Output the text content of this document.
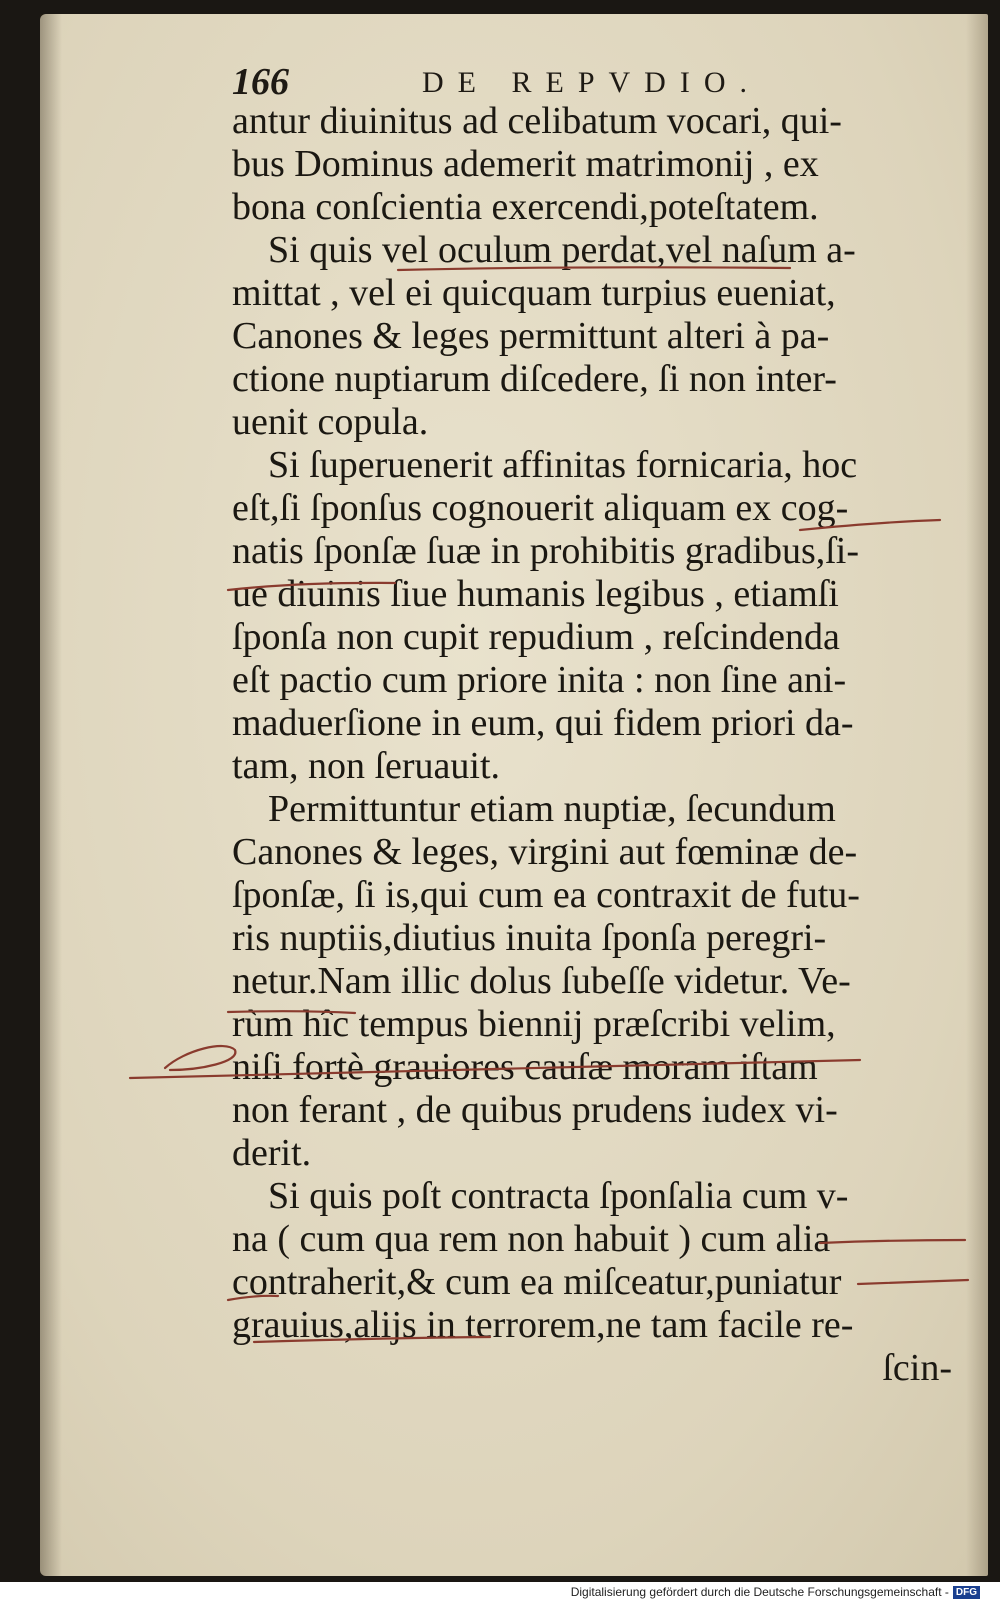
166	DE REPVDIO.
antur diuinitus ad celibatum vocari, qui-
bus Dominus ademerit matrimonij , ex
bona conſcientia exercendi,poteſtatem.
Si quis vel oculum perdat,vel naſum a-
mittat , vel ei quicquam turpius eueniat,
Canones & leges permittunt alteri à pa-
ctione nuptiarum diſcedere, ſi non inter-
uenit copula.
Si ſuperuenerit affinitas fornicaria, hoc
eſt,ſi ſponſus cognouerit aliquam ex cog-
natis ſponſæ ſuæ in prohibitis gradibus,ſi-
ue diuinis ſiue humanis legibus , etiamſi
ſponſa non cupit repudium , reſcindenda
eſt pactio cum priore inita : non ſine ani-
maduerſione in eum, qui fidem priori da-
tam, non ſeruauit.
Permittuntur etiam nuptiæ, ſecundum
Canones & leges, virgini aut fœminæ de-
ſponſæ, ſi is,qui cum ea contraxit de futu-
ris nuptiis,diutius inuita ſponſa peregri-
netur.Nam illic dolus ſubeſſe videtur. Ve-
rùm hîc tempus biennij præſcribi velim,
niſi fortè grauiores cauſæ moram iſtam
non ferant , de quibus prudens iudex vi-
derit.
Si quis poſt contracta ſponſalia cum v-
na ( cum qua rem non habuit ) cum alia
contraherit,& cum ea miſceatur,puniatur
grauius,alijs in terrorem,ne tam facile re-
ſcin-
Digitalisierung gefördert durch die Deutsche Forschungsgemeinschaft - DFG
